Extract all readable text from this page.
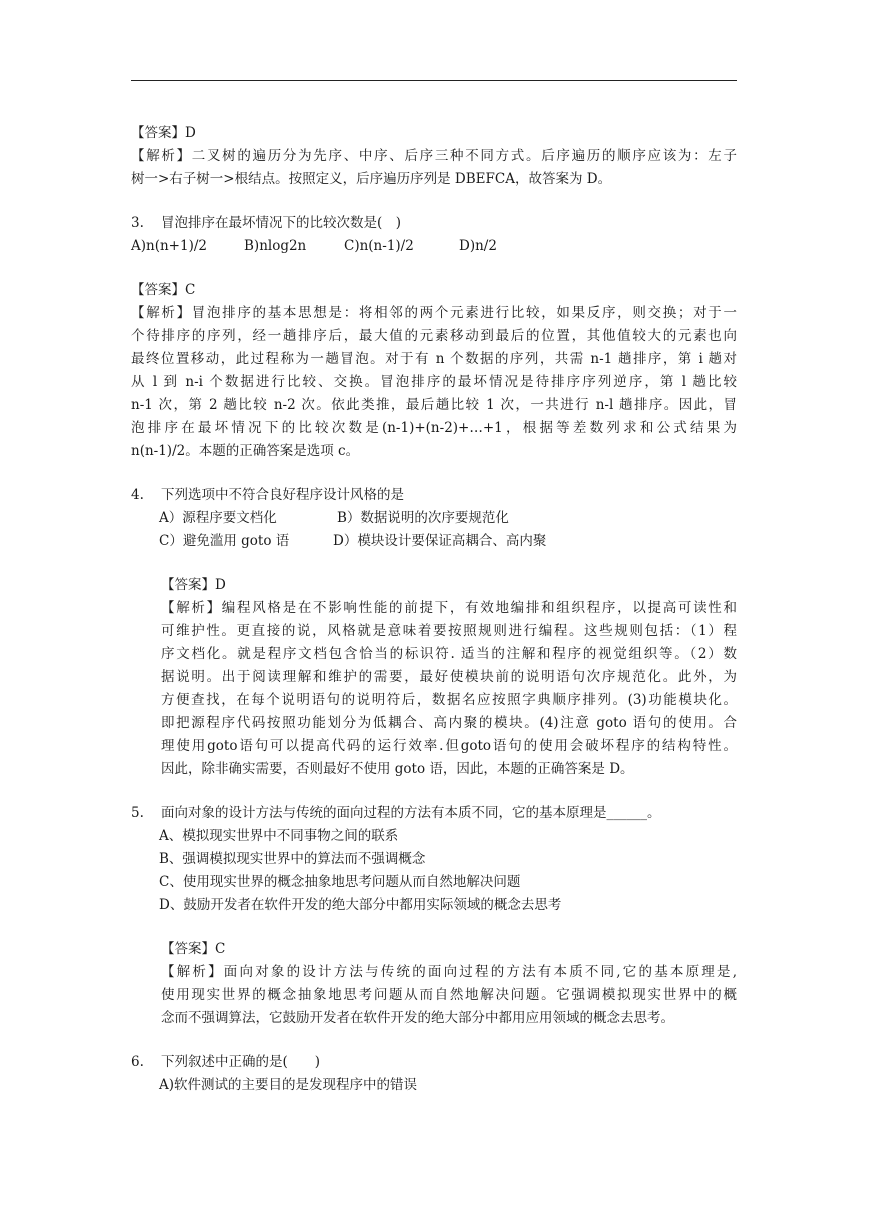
【答案】D
【解析】二叉树的遍历分为先序、中序、后序三种不同方式。后序遍历的顺序应该为：左子
树一>右子树一>根结点。按照定义，后序遍历序列是 DBEFCA，故答案为 D。
3. 冒泡排序在最坏情况下的比较次数是(　)
A)n(n+1)/2	B)nlog2n	C)n(n-1)/2	D)n/2
【答案】C
【解析】冒泡排序的基本思想是：将相邻的两个元素进行比较，如果反序，则交换；对于一
个待排序的序列，经一趟排序后，最大值的元素移动到最后的位置，其他值较大的元素也向
最终位置移动，此过程称为一趟冒泡。对于有 n 个数据的序列，共需 n-1 趟排序，第 i 趟对
从 l 到 n-i 个数据进行比较、交换。冒泡排序的最坏情况是待排序序列逆序，第 l 趟比较
n-1 次，第 2 趟比较 n-2 次。依此类推，最后趟比较 1 次，一共进行 n-l 趟排序。因此，冒
泡排序在最坏情况下的比较次数是(n-1)+(n-2)+…+1，根据等差数列求和公式结果为
n(n-1)/2。本题的正确答案是选项 c。
4. 下列选项中不符合良好程序设计风格的是
A）源程序要文档化	B）数据说明的次序要规范化
C）避免滥用 goto 语	D）模块设计要保证高耦合、高内聚
【答案】D
【解析】编程风格是在不影响性能的前提下，有效地编排和组织程序，以提高可读性和
可维护性。更直接的说，风格就是意味着要按照规则进行编程。这些规则包括：（1）程
序文档化。就是程序文档包含恰当的标识符. 适当的注解和程序的视觉组织等。（2）数
据说明。出于阅读理解和维护的需要，最好使模块前的说明语句次序规范化。此外，为
方便查找，在每个说明语句的说明符后，数据名应按照字典顺序排列。(3)功能模块化。
即把源程序代码按照功能划分为低耦合、高内聚的模块。(4)注意 goto 语句的使用。合
理使用goto语句可以提高代码的运行效率.但goto语句的使用会破坏程序的结构特性。
因此，除非确实需要，否则最好不使用 goto 语，因此，本题的正确答案是 D。
5. 面向对象的设计方法与传统的面向过程的方法有本质不同，它的基本原理是______。
A、模拟现实世界中不同事物之间的联系
B、强调模拟现实世界中的算法而不强调概念
C、使用现实世界的概念抽象地思考问题从而自然地解决问题
D、鼓励开发者在软件开发的绝大部分中都用实际领域的概念去思考
【答案】C
【解析】面向对象的设计方法与传统的面向过程的方法有本质不同,它的基本原理是,
使用现实世界的概念抽象地思考问题从而自然地解决问题。它强调模拟现实世界中的概
念而不强调算法，它鼓励开发者在软件开发的绝大部分中都用应用领域的概念去思考。
6. 下列叙述中正确的是(　　)
A)软件测试的主要目的是发现程序中的错误
